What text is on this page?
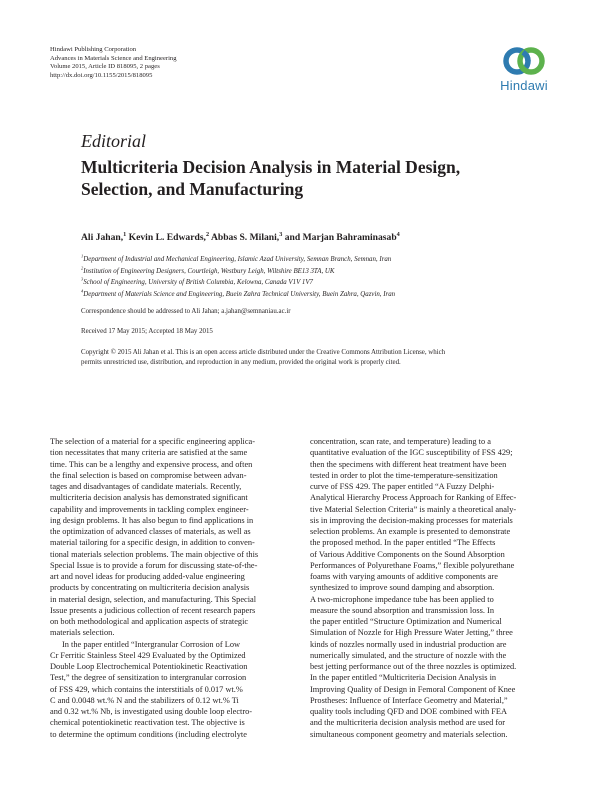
Hindawi Publishing Corporation
Advances in Materials Science and Engineering
Volume 2015, Article ID 818095, 2 pages
http://dx.doi.org/10.1155/2015/818095
Hindawi
Editorial
Multicriteria Decision Analysis in Material Design,
Selection, and Manufacturing
Ali Jahan,$^1$ Kevin L. Edwards,$^2$ Abbas S. Milani,$^3$ and Marjan Bahraminasab$^4$
$^1$Department of Industrial and Mechanical Engineering, Islamic Azad University, Semnan Branch, Semnan, Iran
$^2$Institution of Engineering Designers, Courtleigh, Westbury Leigh, Wiltshire BE13 3TA, UK
$^3$School of Engineering, University of British Columbia, Kelowna, Canada V1V 1V7
$^4$Department of Materials Science and Engineering, Buein Zahra Technical University, Buein Zahra, Qazvin, Iran
Correspondence should be addressed to Ali Jahan; a.jahan@semnaniau.ac.ir
Received 17 May 2015; Accepted 18 May 2015
Copyright © 2015 Ali Jahan et al. This is an open access article distributed under the Creative Commons Attribution License, which
permits unrestricted use, distribution, and reproduction in any medium, provided the original work is properly cited.

The selection of a material for a specific engineering applica-

tion necessitates that many criteria are satisfied at the same

time. This can be a lengthy and expensive process, and often

the final selection is based on compromise between advan-

tages and disadvantages of candidate materials. Recently,

multicriteria decision analysis has demonstrated significant

capability and improvements in tackling complex engineer-

ing design problems. It has also begun to find applications in

the optimization of advanced classes of materials, as well as

material tailoring for a specific design, in addition to conven-

tional materials selection problems. The main objective of this

Special Issue is to provide a forum for discussing state-of-the-

art and novel ideas for producing added-value engineering

products by concentrating on multicriteria decision analysis

in material design, selection, and manufacturing. This Special

Issue presents a judicious collection of recent research papers

on both methodological and application aspects of strategic

materials selection.

In the paper entitled “Intergranular Corrosion of Low

Cr Ferritic Stainless Steel 429 Evaluated by the Optimized

Double Loop Electrochemical Potentiokinetic Reactivation

Test,” the degree of sensitization to intergranular corrosion

of FSS 429, which contains the interstitials of 0.017 wt.%

C and 0.0048 wt.% N and the stabilizers of 0.12 wt.% Ti

and 0.32 wt.% Nb, is investigated using double loop electro-

chemical potentiokinetic reactivation test. The objective is

to determine the optimum conditions (including electrolyte

concentration, scan rate, and temperature) leading to a

quantitative evaluation of the IGC susceptibility of FSS 429;

then the specimens with different heat treatment have been

tested in order to plot the time-temperature-sensitization

curve of FSS 429. The paper entitled “A Fuzzy Delphi-

Analytical Hierarchy Process Approach for Ranking of Effec-

tive Material Selection Criteria” is mainly a theoretical analy-

sis in improving the decision-making processes for materials

selection problems. An example is presented to demonstrate

the proposed method. In the paper entitled “The Effects

of Various Additive Components on the Sound Absorption

Performances of Polyurethane Foams,” flexible polyurethane

foams with varying amounts of additive components are

synthesized to improve sound damping and absorption.

A two-microphone impedance tube has been applied to

measure the sound absorption and transmission loss. In

the paper entitled “Structure Optimization and Numerical

Simulation of Nozzle for High Pressure Water Jetting,” three

kinds of nozzles normally used in industrial production are

numerically simulated, and the structure of nozzle with the

best jetting performance out of the three nozzles is optimized.

In the paper entitled “Multicriteria Decision Analysis in

Improving Quality of Design in Femoral Component of Knee

Prostheses: Influence of Interface Geometry and Material,”

quality tools including QFD and DOE combined with FEA

and the multicriteria decision analysis method are used for

simultaneous component geometry and materials selection.
